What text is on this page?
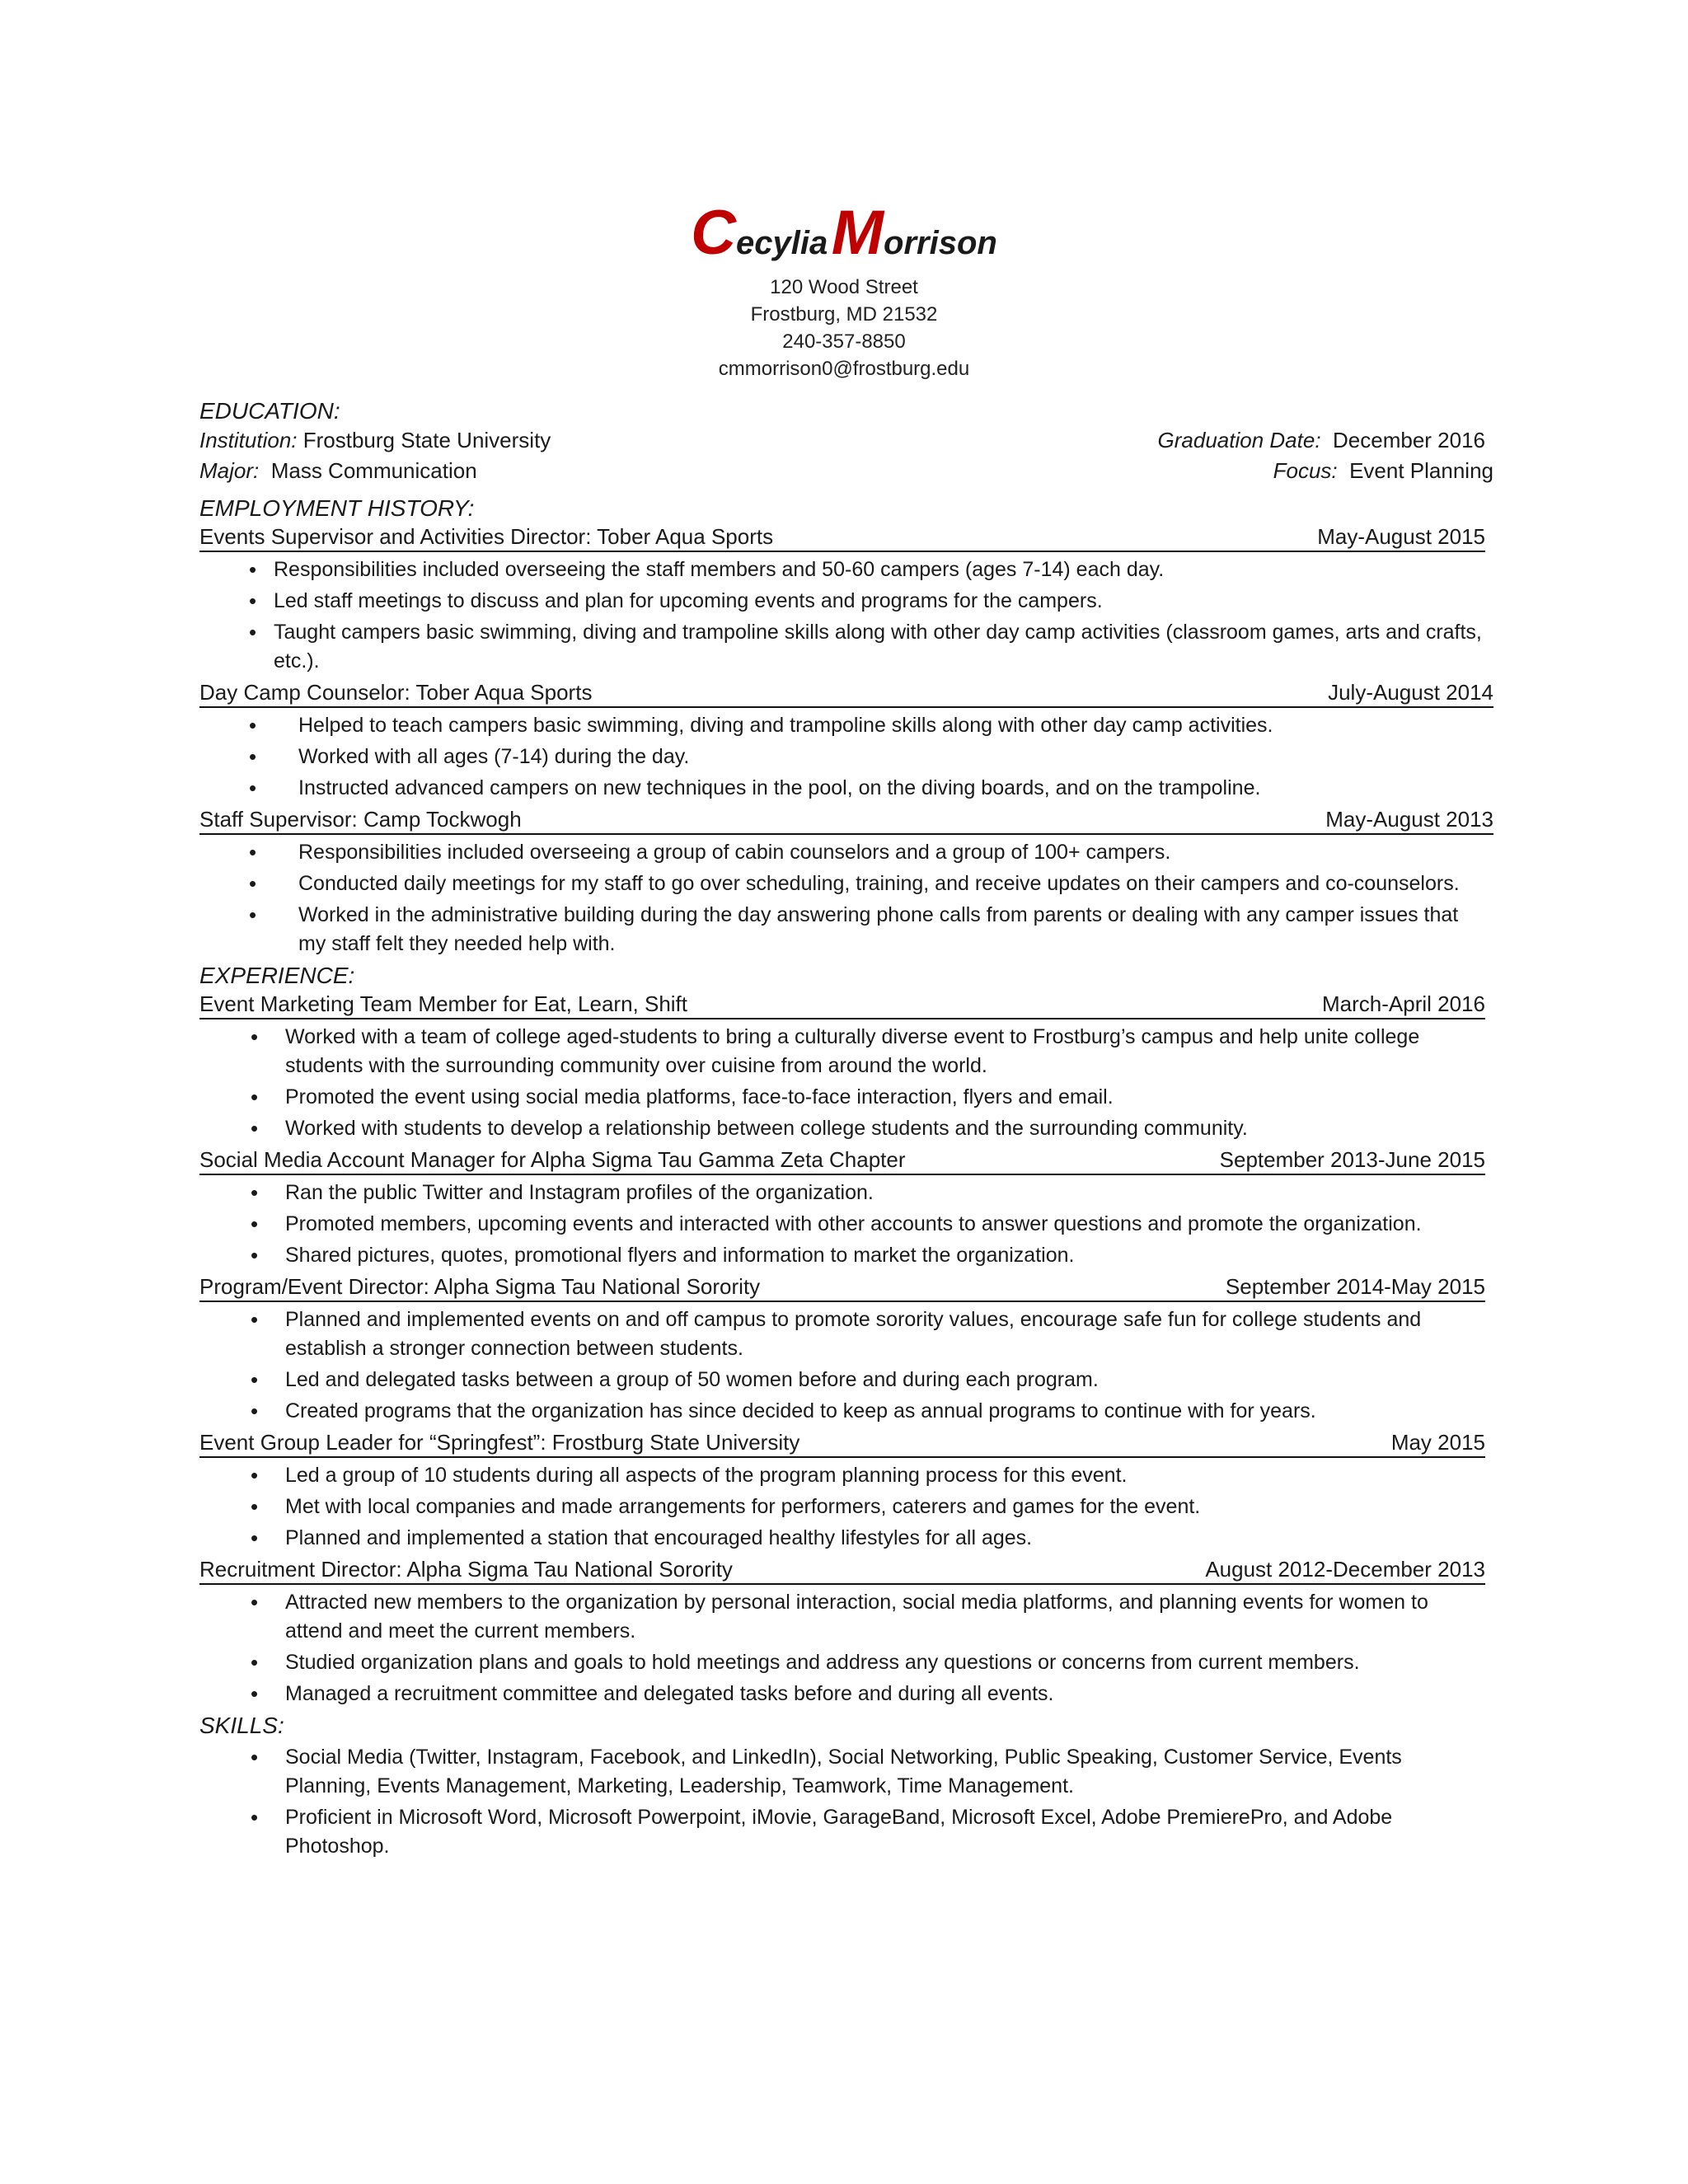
Cecylia Morrison
120 Wood Street
Frostburg, MD 21532
240-357-8850
cmmorrison0@frostburg.edu
EDUCATION:
Institution: Frostburg State University	Graduation Date: December 2016
Major: Mass Communication	Focus: Event Planning
EMPLOYMENT HISTORY:
Events Supervisor and Activities Director: Tober Aqua Sports	May-August 2015
• Responsibilities included overseeing the staff members and 50-60 campers (ages 7-14) each day.
• Led staff meetings to discuss and plan for upcoming events and programs for the campers.
• Taught campers basic swimming, diving and trampoline skills along with other day camp activities (classroom games, arts and crafts, etc.).
Day Camp Counselor: Tober Aqua Sports	July-August 2014
• Helped to teach campers basic swimming, diving and trampoline skills along with other day camp activities.
• Worked with all ages (7-14) during the day.
• Instructed advanced campers on new techniques in the pool, on the diving boards, and on the trampoline.
Staff Supervisor: Camp Tockwogh	May-August 2013
• Responsibilities included overseeing a group of cabin counselors and a group of 100+ campers.
• Conducted daily meetings for my staff to go over scheduling, training, and receive updates on their campers and co-counselors.
• Worked in the administrative building during the day answering phone calls from parents or dealing with any camper issues that my staff felt they needed help with.
EXPERIENCE:
Event Marketing Team Member for Eat, Learn, Shift	March-April 2016
• Worked with a team of college aged-students to bring a culturally diverse event to Frostburg’s campus and help unite college students with the surrounding community over cuisine from around the world.
• Promoted the event using social media platforms, face-to-face interaction, flyers and email.
• Worked with students to develop a relationship between college students and the surrounding community.
Social Media Account Manager for Alpha Sigma Tau Gamma Zeta Chapter	September 2013-June 2015
• Ran the public Twitter and Instagram profiles of the organization.
• Promoted members, upcoming events and interacted with other accounts to answer questions and promote the organization.
• Shared pictures, quotes, promotional flyers and information to market the organization.
Program/Event Director: Alpha Sigma Tau National Sorority	September 2014-May 2015
• Planned and implemented events on and off campus to promote sorority values, encourage safe fun for college students and establish a stronger connection between students.
• Led and delegated tasks between a group of 50 women before and during each program.
• Created programs that the organization has since decided to keep as annual programs to continue with for years.
Event Group Leader for “Springfest”: Frostburg State University	May 2015
• Led a group of 10 students during all aspects of the program planning process for this event.
• Met with local companies and made arrangements for performers, caterers and games for the event.
• Planned and implemented a station that encouraged healthy lifestyles for all ages.
Recruitment Director: Alpha Sigma Tau National Sorority	August 2012-December 2013
• Attracted new members to the organization by personal interaction, social media platforms, and planning events for women to attend and meet the current members.
• Studied organization plans and goals to hold meetings and address any questions or concerns from current members.
• Managed a recruitment committee and delegated tasks before and during all events.
SKILLS:
• Social Media (Twitter, Instagram, Facebook, and LinkedIn), Social Networking, Public Speaking, Customer Service, Events Planning, Events Management, Marketing, Leadership, Teamwork, Time Management.
• Proficient in Microsoft Word, Microsoft Powerpoint, iMovie, GarageBand, Microsoft Excel, Adobe PremierePro, and Adobe Photoshop.
